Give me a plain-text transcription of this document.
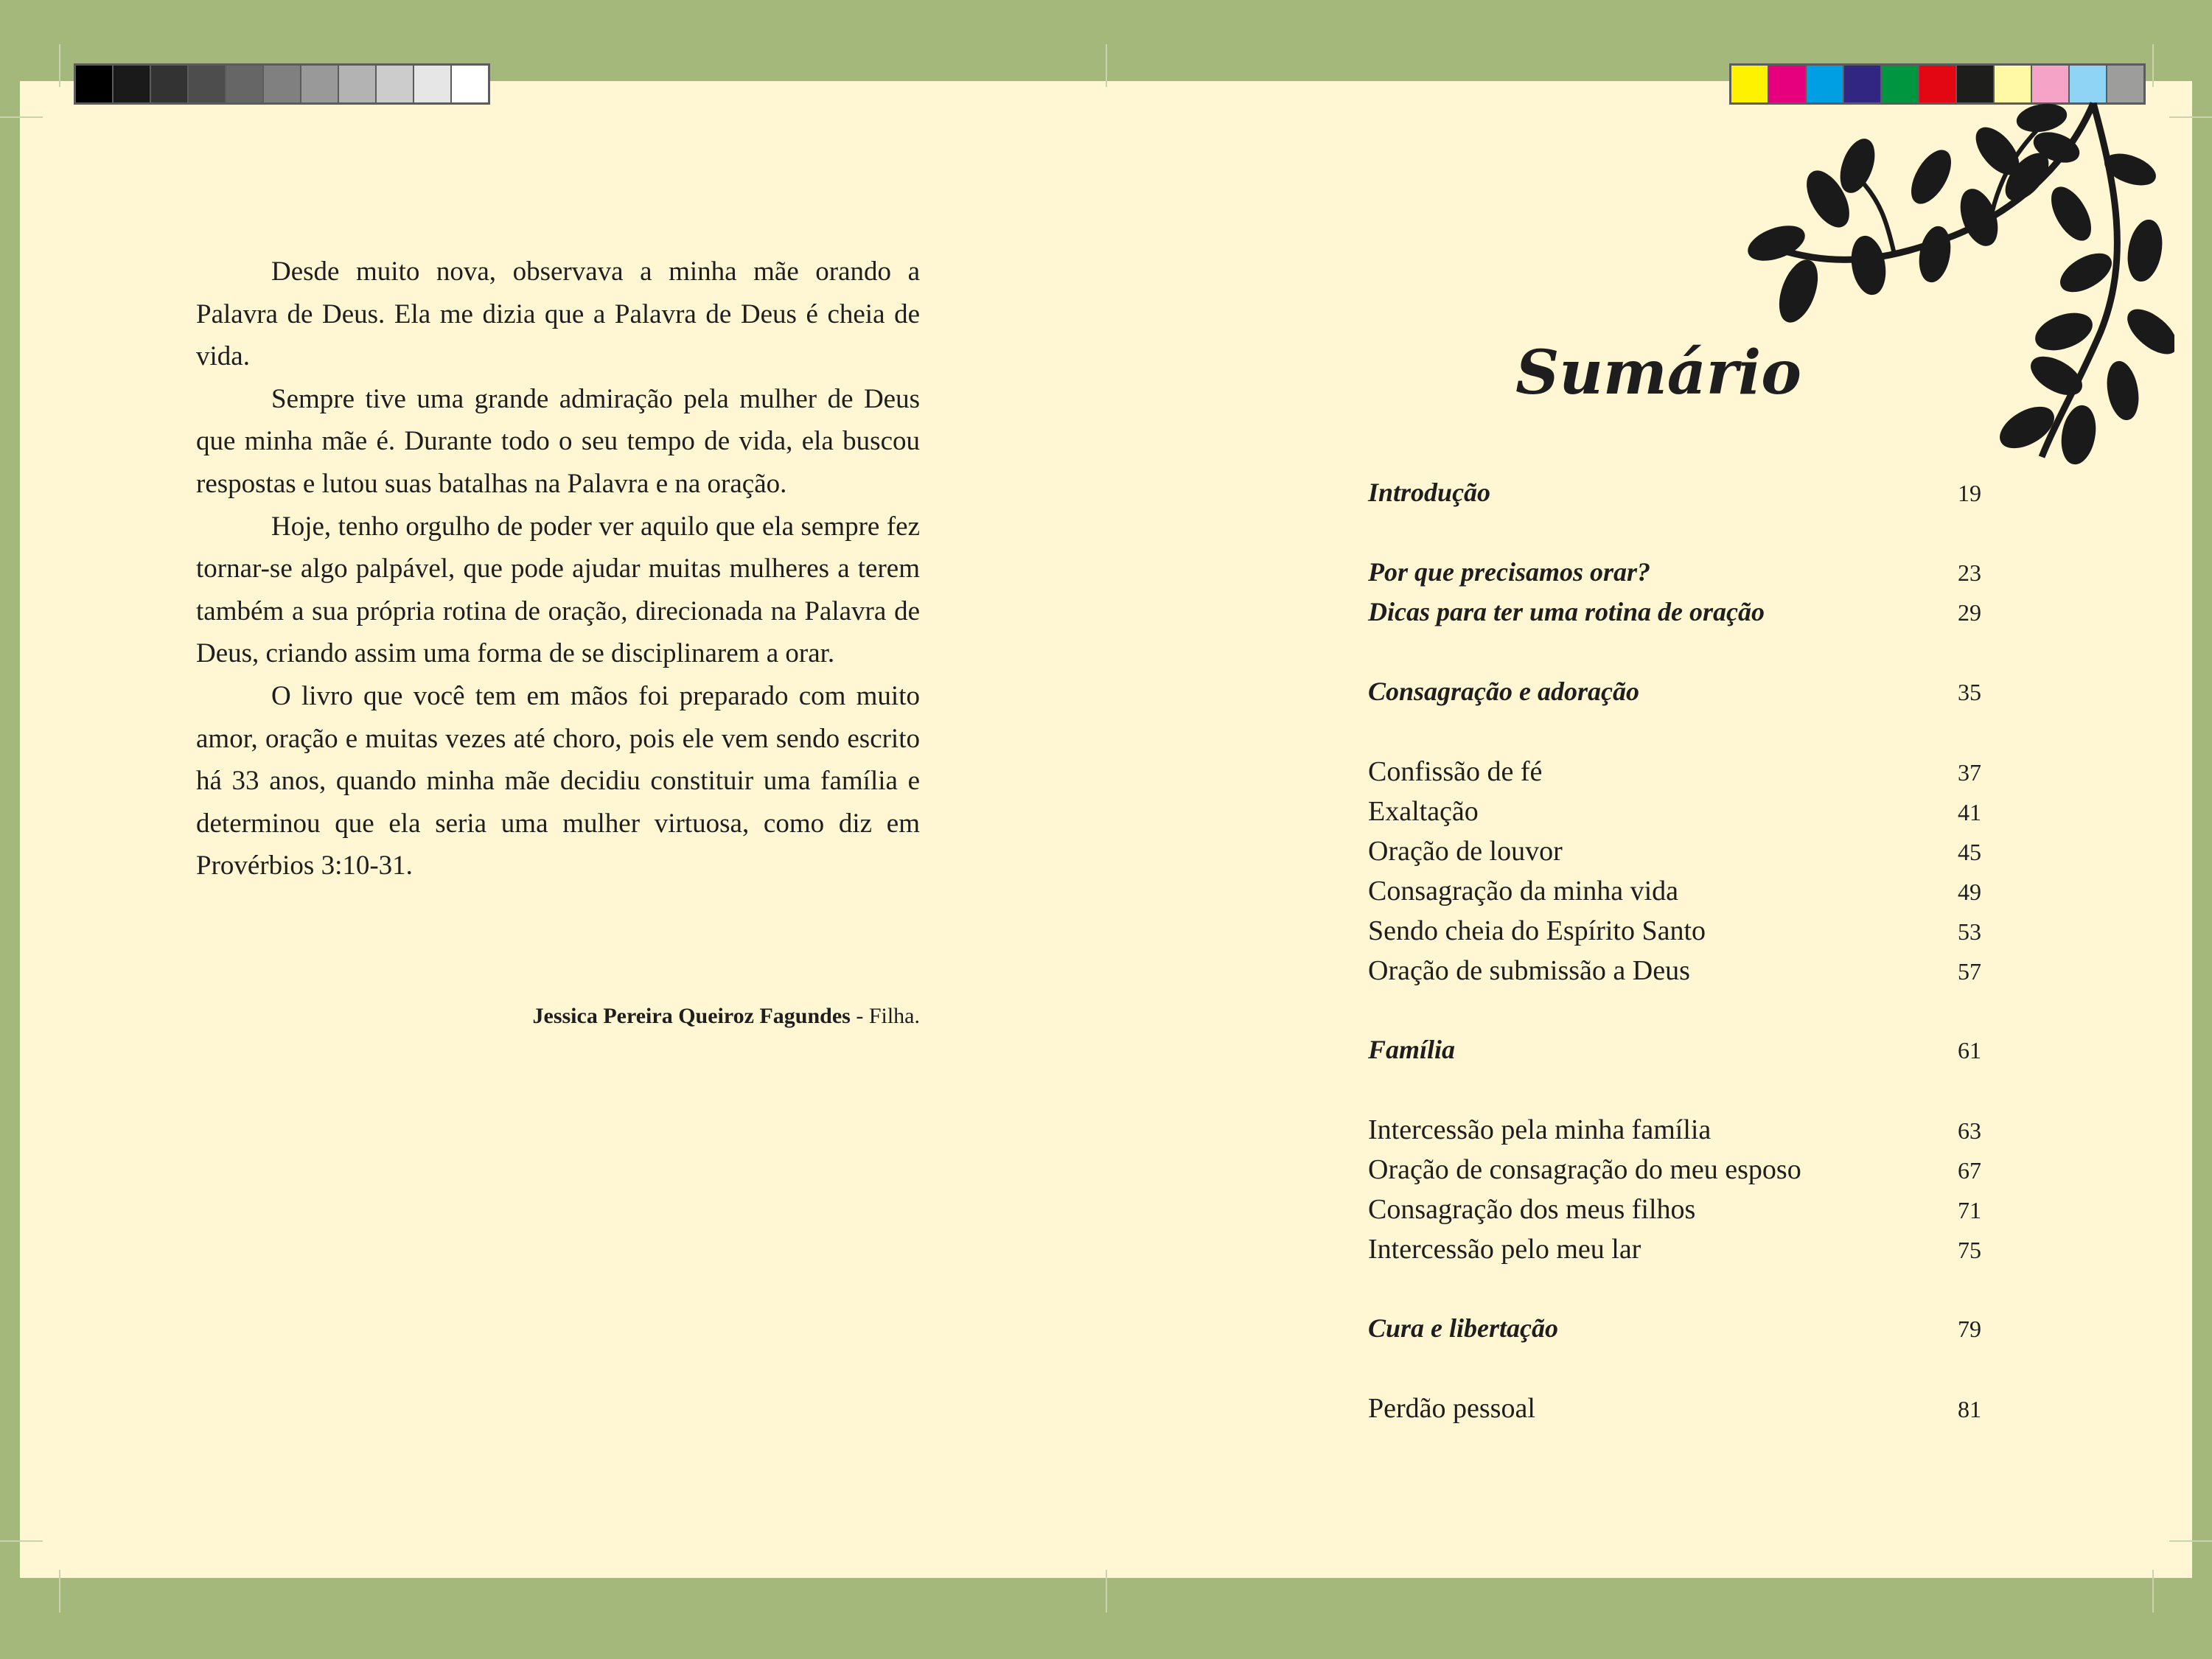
Desde muito nova, observava a minha mãe orando a Palavra de Deus. Ela me dizia que a Palavra de Deus é cheia de vida.

Sempre tive uma grande admiração pela mulher de Deus que minha mãe é. Durante todo o seu tempo de vida, ela buscou respostas e lutou suas batalhas na Palavra e na oração.

Hoje, tenho orgulho de poder ver aquilo que ela sempre fez tornar-se algo palpável, que pode ajudar muitas mulheres a terem também a sua própria rotina de oração, direcionada na Palavra de Deus, criando assim uma forma de se disciplinarem a orar.

O livro que você tem em mãos foi preparado com muito amor, oração e muitas vezes até choro, pois ele vem sendo escrito há 33 anos, quando minha mãe decidiu constituir uma família e determinou que ela seria uma mulher virtuosa, como diz em Provérbios 3:10-31.

Jessica Pereira Queiroz Fagundes - Filha.
Sumário
Introdução	19
Por que precisamos orar?	23
Dicas para ter uma rotina de oração	29
Consagração e adoração	35
Confissão de fé	37
Exaltação	41
Oração de louvor	45
Consagração da minha vida	49
Sendo cheia do Espírito Santo	53
Oração de submissão a Deus	57
Família	61
Intercessão pela minha família	63
Oração de consagração do meu esposo	67
Consagração dos meus filhos	71
Intercessão pelo meu lar	75
Cura e libertação	79
Perdão pessoal	81
